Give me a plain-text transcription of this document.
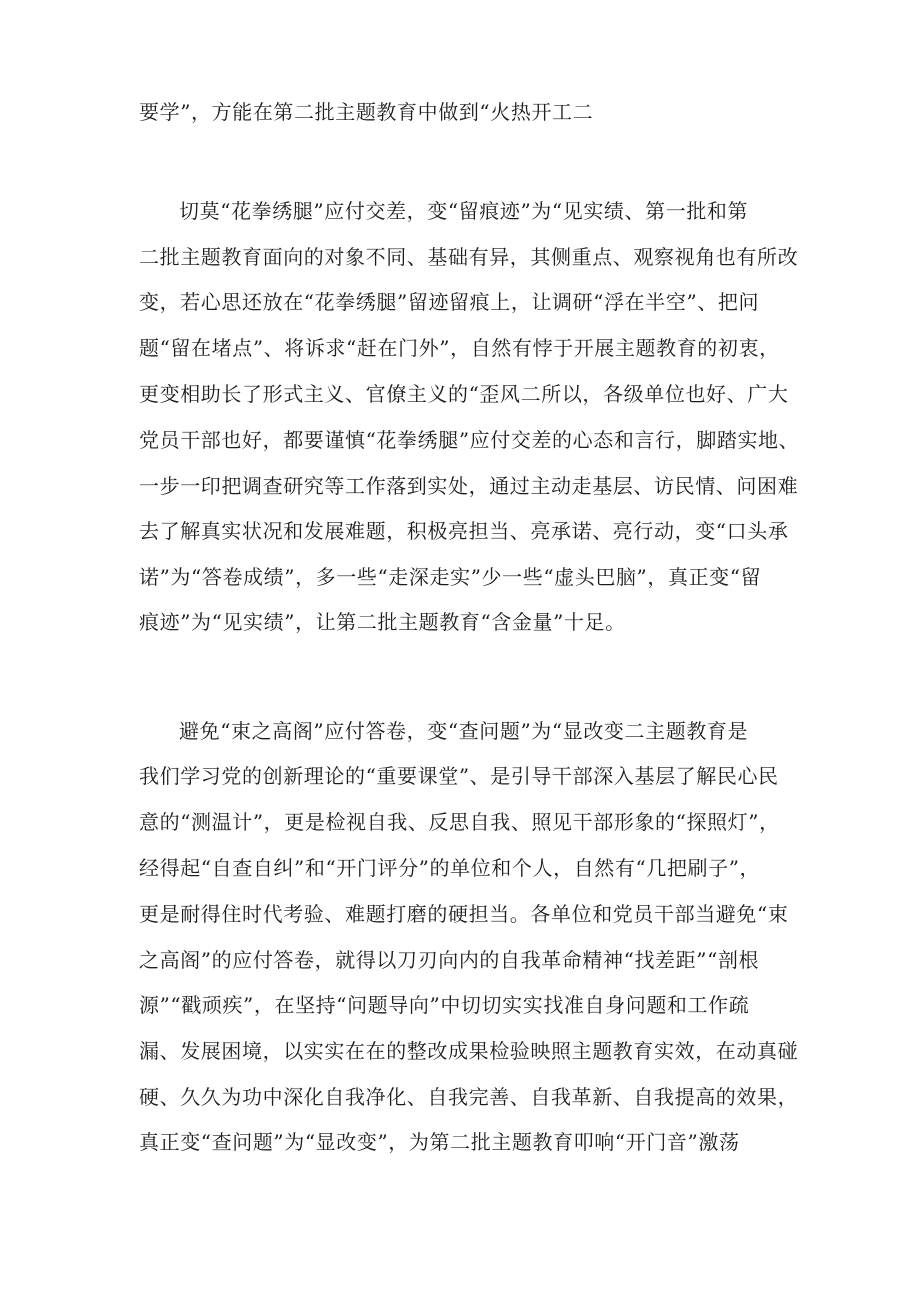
要学”，方能在第二批主题教育中做到“火热开工二

切莫“花拳绣腿”应付交差，变“留痕迹”为“见实绩、第一批和第

二批主题教育面向的对象不同、基础有异，其侧重点、观察视角也有所改

变，若心思还放在“花拳绣腿”留迹留痕上，让调研“浮在半空”、把问

题“留在堵点”、将诉求“赶在门外”，自然有悖于开展主题教育的初衷，

更变相助长了形式主义、官僚主义的“歪风二所以，各级单位也好、广大

党员干部也好，都要谨慎“花拳绣腿”应付交差的心态和言行，脚踏实地、

一步一印把调查研究等工作落到实处，通过主动走基层、访民情、问困难

去了解真实状况和发展难题，积极亮担当、亮承诺、亮行动，变“口头承

诺”为“答卷成绩”，多一些“走深走实”少一些“虚头巴脑”，真正变“留

痕迹”为“见实绩”，让第二批主题教育“含金量”十足。

避免“束之高阁”应付答卷，变“查问题”为“显改变二主题教育是

我们学习党的创新理论的“重要课堂”、是引导干部深入基层了解民心民

意的“测温计”，更是检视自我、反思自我、照见干部形象的“探照灯”，

经得起“自查自纠”和“开门评分”的单位和个人，自然有“几把刷子”，

更是耐得住时代考验、难题打磨的硬担当。各单位和党员干部当避免“束

之高阁”的应付答卷，就得以刀刃向内的自我革命精神“找差距”“剖根

源”“戳顽疾”，在坚持“问题导向”中切切实实找准自身问题和工作疏

漏、发展困境，以实实在在的整改成果检验映照主题教育实效，在动真碰

硬、久久为功中深化自我净化、自我完善、自我革新、自我提高的效果，

真正变“查问题”为“显改变”，为第二批主题教育叩响“开门音”激荡
